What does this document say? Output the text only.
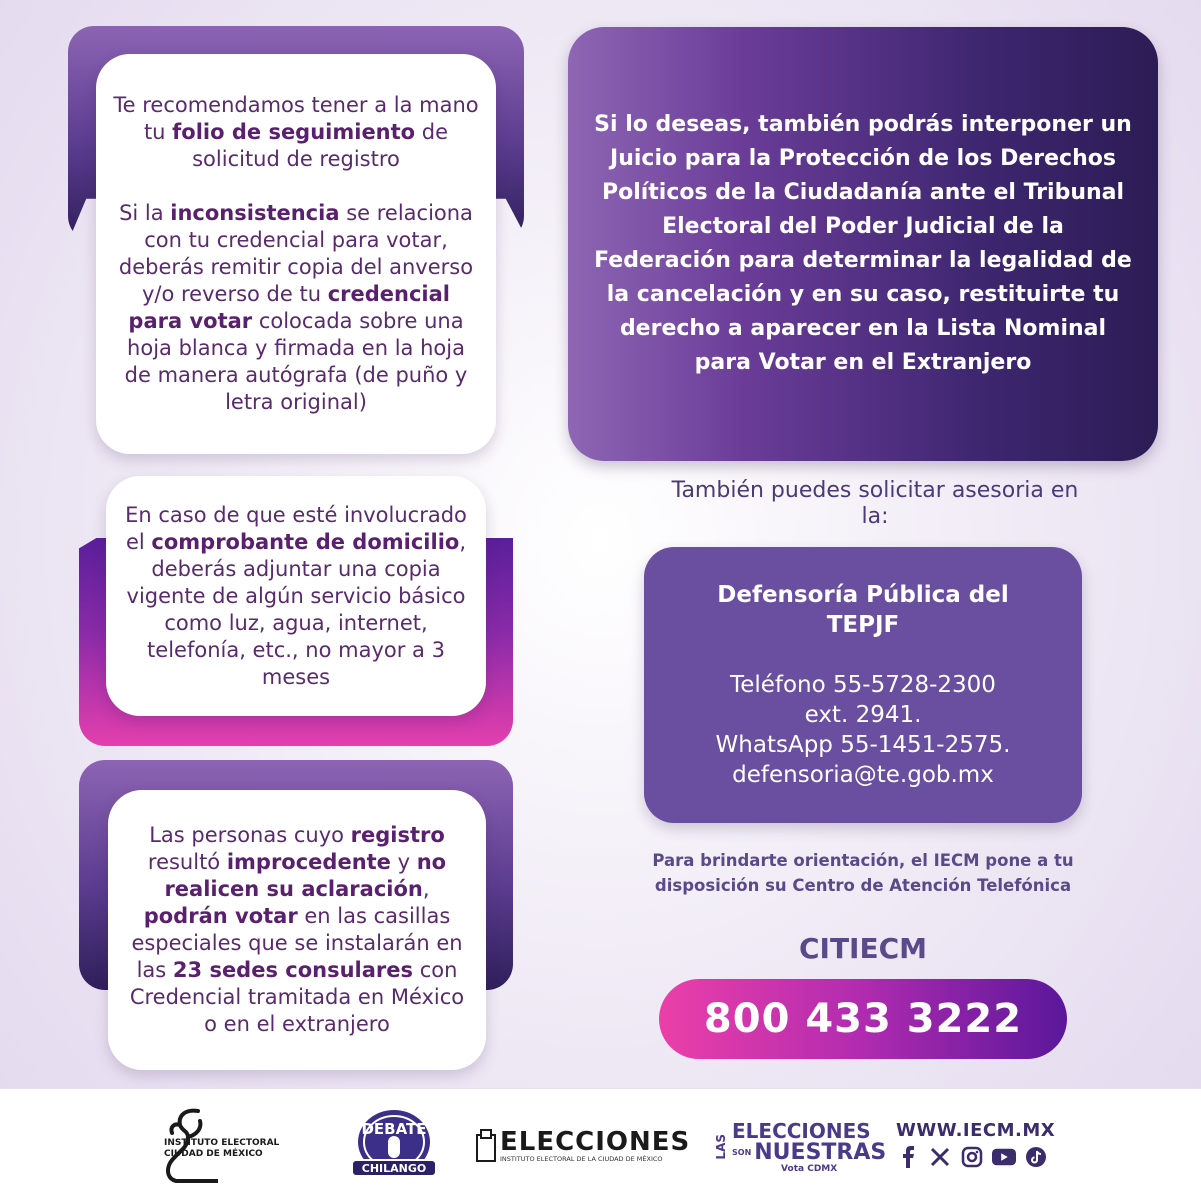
Te recomendamos tener a la mano tu folio de seguimiento de solicitud de registro

Si la inconsistencia se relaciona con tu credencial para votar, deberás remitir copia del anverso y/o reverso de tu credencial para votar colocada sobre una hoja blanca y firmada en la hoja de manera autógrafa (de puño y letra original)

En caso de que esté involucrado el comprobante de domicilio, deberás adjuntar una copia vigente de algún servicio básico como luz, agua, internet, telefonía, etc., no mayor a 3 meses

Las personas cuyo registro resultó improcedente y no realicen su aclaración, podrán votar en las casillas especiales que se instalarán en las 23 sedes consulares con Credencial tramitada en México o en el extranjero

Si lo deseas, también podrás interponer un Juicio para la Protección de los Derechos Políticos de la Ciudadanía ante el Tribunal Electoral del Poder Judicial de la Federación para determinar la legalidad de la cancelación y en su caso, restituirte tu derecho a aparecer en la Lista Nominal para Votar en el Extranjero

También puedes solicitar asesoria en la:
Defensoría Pública del TEPJF
Teléfono 55-5728-2300
ext. 2941.
WhatsApp 55-1451-2575.
defensoria@te.gob.mx
Para brindarte orientación, el IECM pone a tu disposición su Centro de Atención Telefónica
CITIECM
800 433 3222
INSTITUTO ELECTORAL
CIUDAD DE MÉXICO
DEBATE
CHILANGO
ELECCIONES
INSTITUTO ELECTORAL DE LA CIUDAD DE MÉXICO	LAS
ELECCIONES
SON NUESTRAS
Vota CDMX
WWW.IECM.MX
